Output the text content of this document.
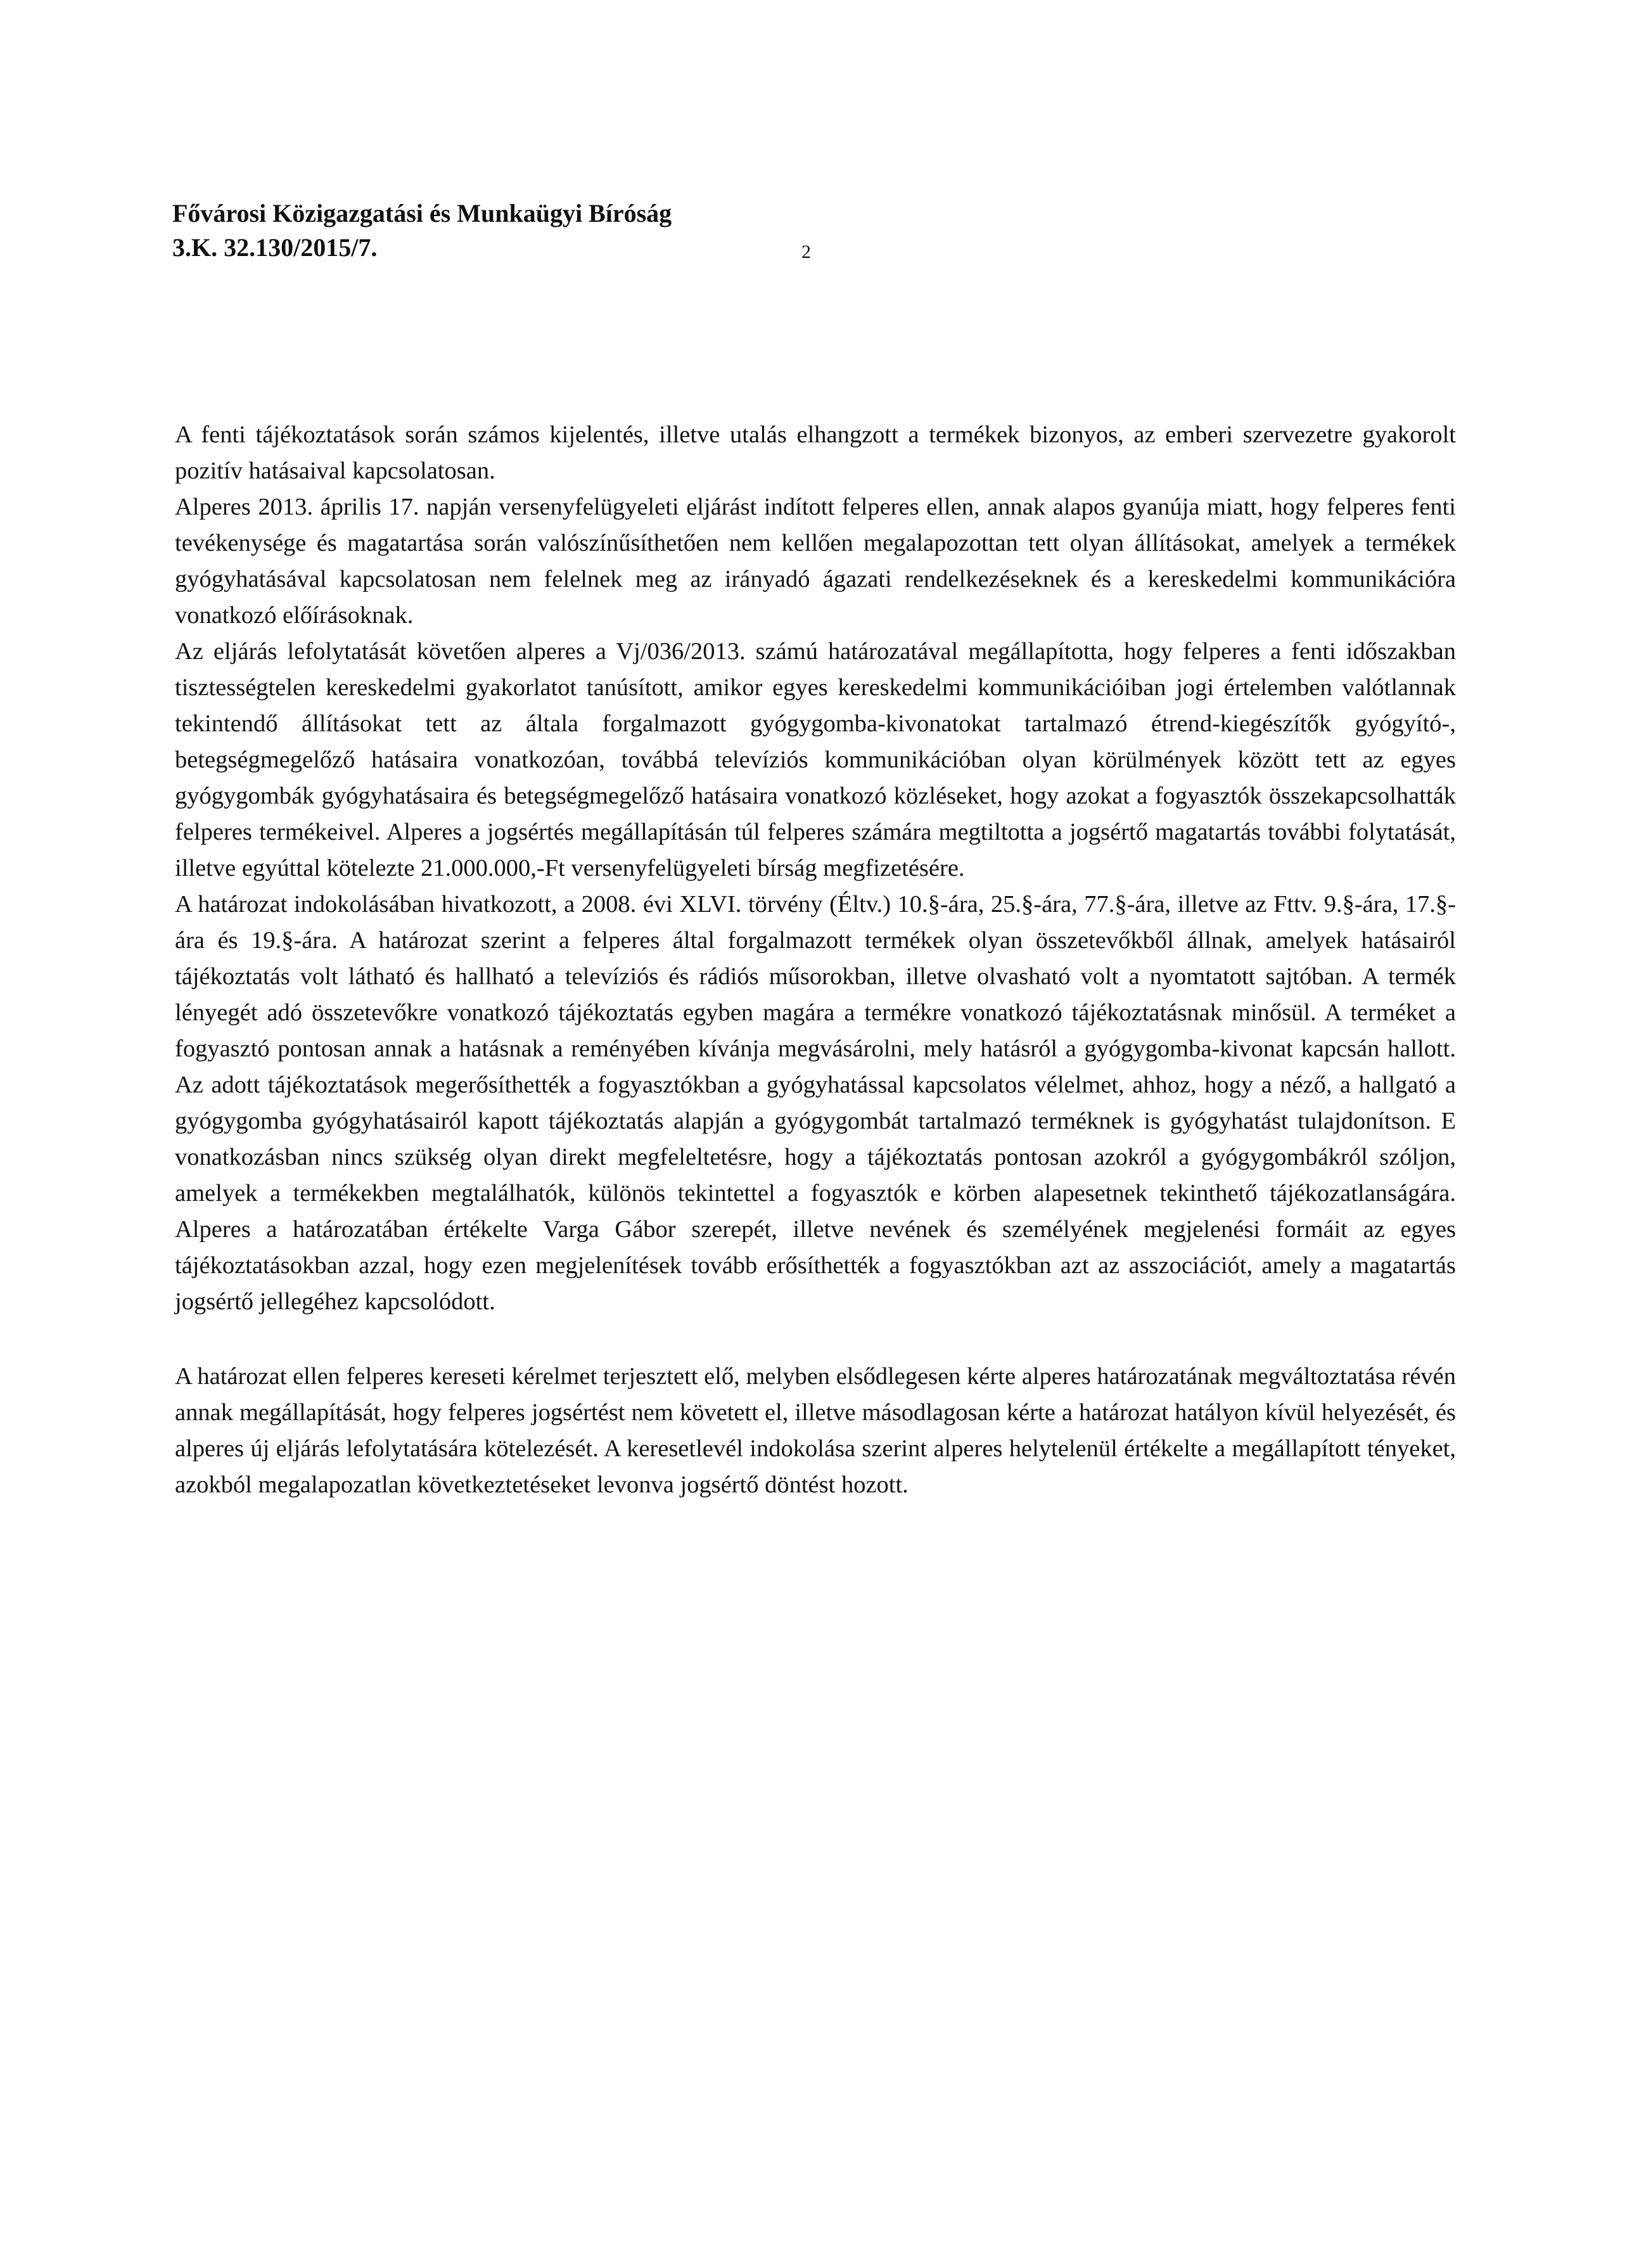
Fővárosi Közigazgatási és Munkaügyi Bíróság
3.K. 32.130/2015/7.	2

A fenti tájékoztatások során számos kijelentés, illetve utalás elhangzott a termékek bizonyos, az emberi szervezetre gyakorolt pozitív hatásaival kapcsolatosan.

Alperes 2013. április 17. napján versenyfelügyeleti eljárást indított felperes ellen, annak alapos gyanúja miatt, hogy felperes fenti tevékenysége és magatartása során valószínűsíthetően nem kellően megalapozottan tett olyan állításokat, amelyek a termékek gyógyhatásával kapcsolatosan nem felelnek meg az irányadó ágazati rendelkezéseknek és a kereskedelmi kommunikációra vonatkozó előírásoknak.

Az eljárás lefolytatását követően alperes a Vj/036/2013. számú határozatával megállapította, hogy felperes a fenti időszakban tisztességtelen kereskedelmi gyakorlatot tanúsított, amikor egyes kereskedelmi kommunikációiban jogi értelemben valótlannak tekintendő állításokat tett az általa forgalmazott gyógygomba-kivonatokat tartalmazó étrend-kiegészítők gyógyító-, betegségmegelőző hatásaira vonatkozóan, továbbá televíziós kommunikációban olyan körülmények között tett az egyes gyógygombák gyógyhatásaira és betegségmegelőző hatásaira vonatkozó közléseket, hogy azokat a fogyasztók összekapcsolhatták felperes termékeivel. Alperes a jogsértés megállapításán túl felperes számára megtiltotta a jogsértő magatartás további folytatását, illetve egyúttal kötelezte 21.000.000,-Ft versenyfelügyeleti bírság megfizetésére.

A határozat indokolásában hivatkozott, a 2008. évi XLVI. törvény (Éltv.) 10.§-ára, 25.§-ára, 77.§-ára, illetve az Fttv. 9.§-ára, 17.§-ára és 19.§-ára. A határozat szerint a felperes által forgalmazott termékek olyan összetevőkből állnak, amelyek hatásairól tájékoztatás volt látható és hallható a televíziós és rádiós műsorokban, illetve olvasható volt a nyomtatott sajtóban. A termék lényegét adó összetevőkre vonatkozó tájékoztatás egyben magára a termékre vonatkozó tájékoztatásnak minősül. A terméket a fogyasztó pontosan annak a hatásnak a reményében kívánja megvásárolni, mely hatásról a gyógygomba-kivonat kapcsán hallott. Az adott tájékoztatások megerősíthették a fogyasztókban a gyógyhatással kapcsolatos vélelmet, ahhoz, hogy a néző, a hallgató a gyógygomba gyógyhatásairól kapott tájékoztatás alapján a gyógygombát tartalmazó terméknek is gyógyhatást tulajdonítson. E vonatkozásban nincs szükség olyan direkt megfeleltetésre, hogy a tájékoztatás pontosan azokról a gyógygombákról szóljon, amelyek a termékekben megtalálhatók, különös tekintettel a fogyasztók e körben alapesetnek tekinthető tájékozatlanságára. Alperes a határozatában értékelte Varga Gábor szerepét, illetve nevének és személyének megjelenési formáit az egyes tájékoztatásokban azzal, hogy ezen megjelenítések tovább erősíthették a fogyasztókban azt az asszociációt, amely a magatartás jogsértő jellegéhez kapcsolódott.

A határozat ellen felperes kereseti kérelmet terjesztett elő, melyben elsődlegesen kérte alperes határozatának megváltoztatása révén annak megállapítását, hogy felperes jogsértést nem követett el, illetve másodlagosan kérte a határozat hatályon kívül helyezését, és alperes új eljárás lefolytatására kötelezését. A keresetlevél indokolása szerint alperes helytelenül értékelte a megállapított tényeket, azokból megalapozatlan következtetéseket levonva jogsértő döntést hozott.
